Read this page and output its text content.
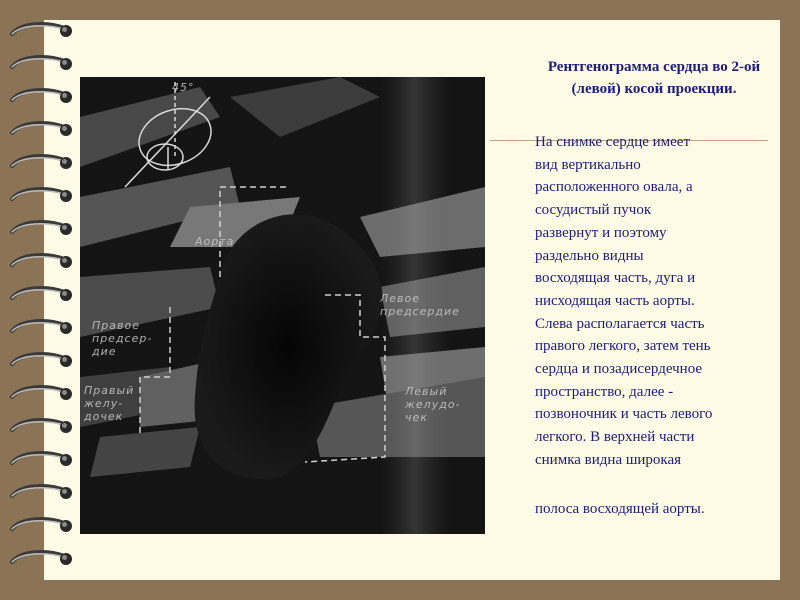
45°
Аорта
Правое
предсер-
дие
Правый
желу-
дочек
Левое
предсердие
Левый
желудо-
чек
Рентгенограмма сердца во 2-ой (левой) косой проекции.
На снимке сердце имеет
вид вертикально
расположенного овала, а
сосудистый пучок
развернут и поэтому
раздельно видны
восходящая часть, дуга и
нисходящая часть аорты.
Слева располагается часть
правого легкого, затем тень
сердца и позадисердечное
пространство, далее -
позвоночник и часть левого
легкого. В верхней части
снимка видна широкая
полоса восходящей аорты.
